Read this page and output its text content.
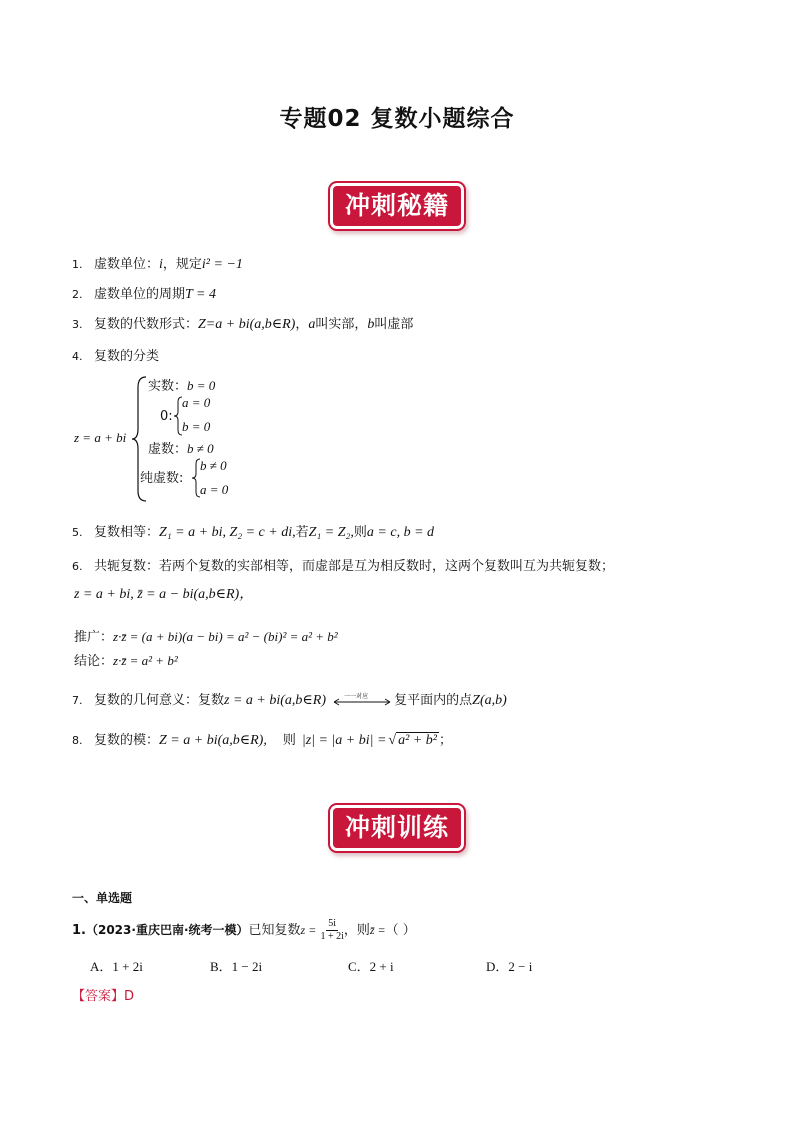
专题02 复数小题综合
冲刺秘籍
1. 虚数单位：i，规定i² = −1
2. 虚数单位的周期T = 4
3. 复数的代数形式：Z=a + bi(a,b∈R)，a叫实部，b叫虚部
4. 复数的分类
z = a + bi
实数：b = 0
0:
a = 0
b = 0
虚数：b ≠ 0
纯虚数:
b ≠ 0
a = 0
5. 复数相等：Z₁ = a + bi, Z₂ = c + di,若Z₁ = Z₂,则a = c, b = d
6. 共轭复数：若两个复数的实部相等，而虚部是互为相反数时，这两个复数叫互为共轭复数；
z = a + bi, z̄ = a − bi(a,b∈R)，
推广：z·z̄ = (a + bi)(a − bi) = a² − (bi)² = a² + b²
结论：z·z̄ = a² + b²
7. 复数的几何意义：复数z = a + bi(a,b∈R)	一一对应 复平面内的点Z(a,b)
8. 复数的模：Z = a + bi(a,b∈R), 则 |z| = |a + bi| = √ a² + b² ；
冲刺训练
一、单选题
1.（2023·重庆巴南·统考一模）已知复数$z = \frac{5i}{1 + 2i}$ ，则z̄ =（ ）
A．1 + 2i	B．1 − 2i	C．2 + i	D．2 − i
【答案】D
